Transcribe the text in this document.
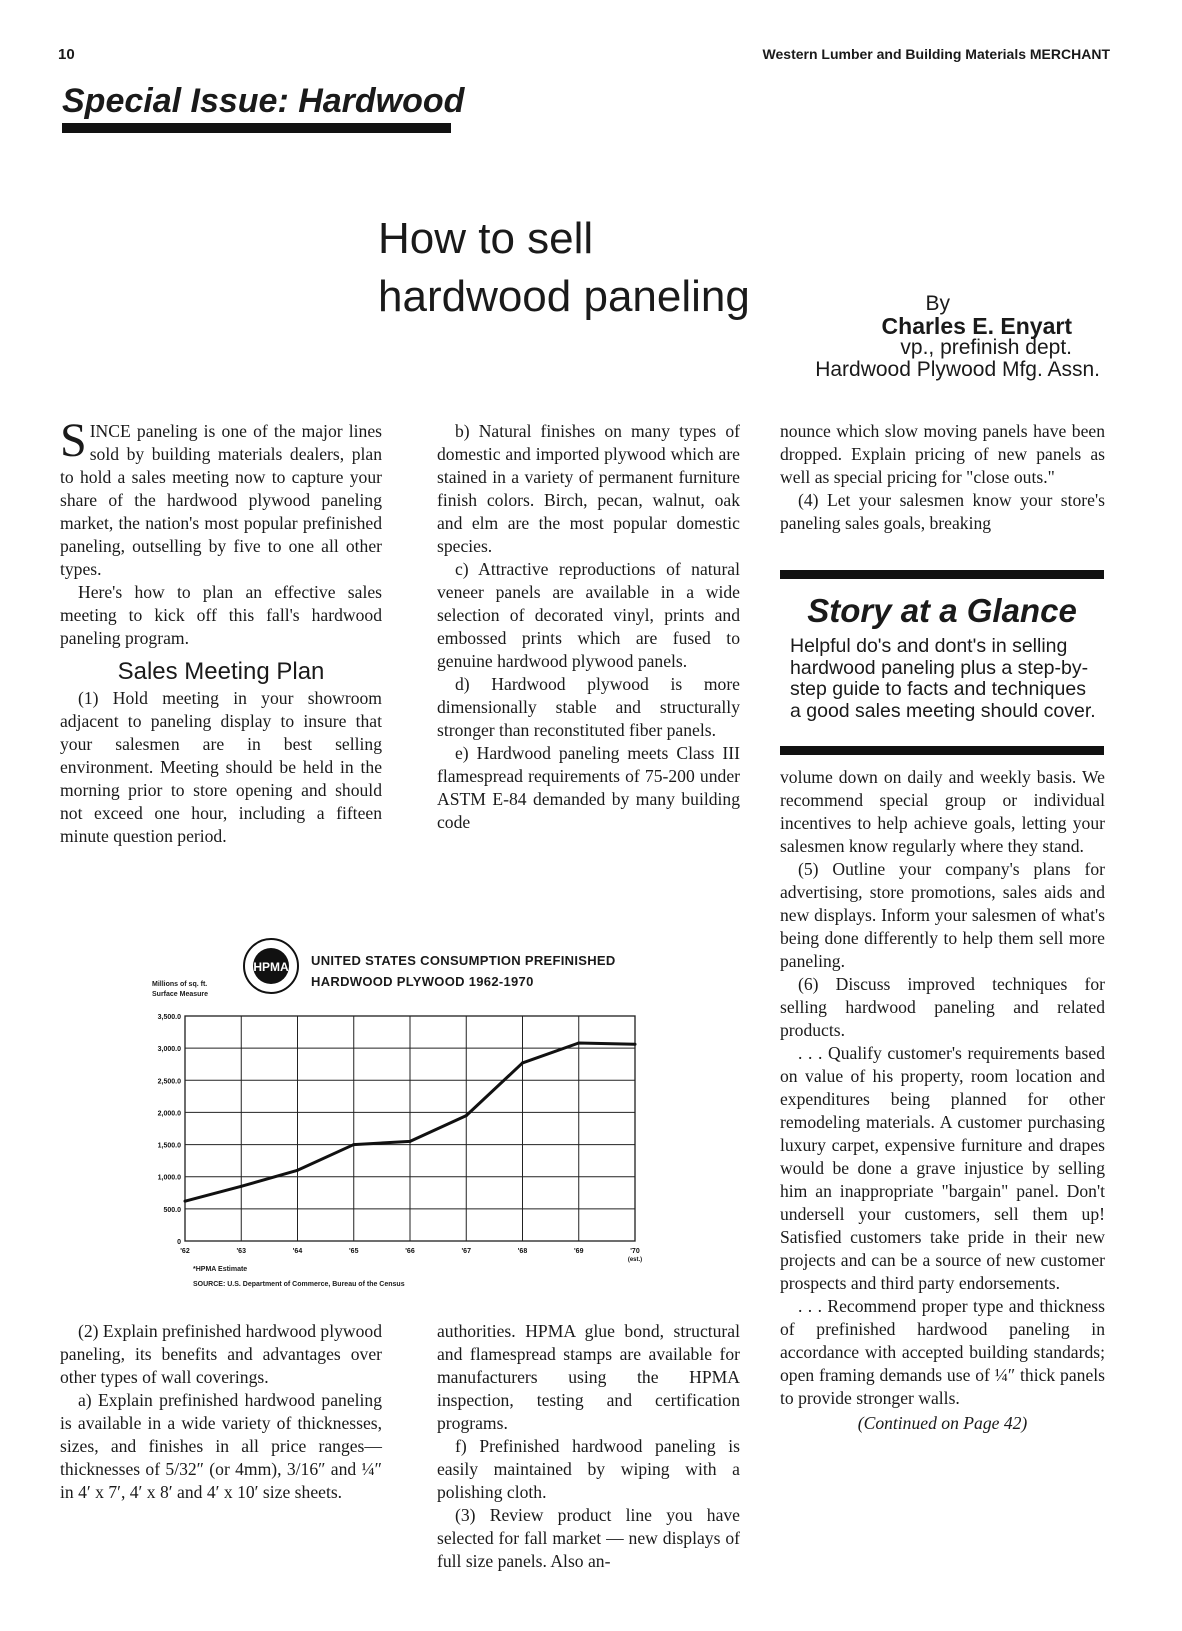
10	Western Lumber and Building Materials MERCHANT
Special Issue: Hardwood
How to sell
hardwood paneling	By
Charles E. Enyart
vp., prefinish dept.
Hardwood Plywood Mfg. Assn.

SINCE paneling is one of the major lines sold by building materials dealers, plan to hold a sales meeting now to capture your share of the hardwood plywood paneling market, the nation's most popular prefinished paneling, outselling by five to one all other types.

Here's how to plan an effective sales meeting to kick off this fall's hardwood paneling program.

Sales Meeting Plan

(1) Hold meeting in your showroom adjacent to paneling display to insure that your salesmen are in best selling environment. Meeting should be held in the morning prior to store opening and should not exceed one hour, including a fifteen minute question period.

b) Natural finishes on many types of domestic and imported plywood which are stained in a variety of permanent furniture finish colors. Birch, pecan, walnut, oak and elm are the most popular domestic species.

c) Attractive reproductions of natural veneer panels are available in a wide selection of decorated vinyl, prints and embossed prints which are fused to genuine hardwood plywood panels.

d) Hardwood plywood is more dimensionally stable and structurally stronger than reconstituted fiber panels.

e) Hardwood paneling meets Class III flamespread requirements of 75-200 under ASTM E-84 demanded by many building code

nounce which slow moving panels have been dropped. Explain pricing of new panels as well as special pricing for "close outs."

(4) Let your salesmen know your store's paneling sales goals, breaking

Story at a Glance
Helpful do's and dont's in selling hardwood paneling plus a step-by-step guide to facts and techniques a good sales meeting should cover.

volume down on daily and weekly basis. We recommend special group or individual incentives to help achieve goals, letting your salesmen know regularly where they stand.

(5) Outline your company's plans for advertising, store promotions, sales aids and new displays. Inform your salesmen of what's being done differently to help them sell more paneling.

(6) Discuss improved techniques for selling hardwood paneling and related products.

. . . Qualify customer's requirements based on value of his property, room location and expenditures being planned for other remodeling materials. A customer purchasing luxury carpet, expensive furniture and drapes would be done a grave injustice by selling him an inappropriate "bargain" panel. Don't undersell your customers, sell them up! Satisfied customers take pride in their new projects and can be a source of new customer prospects and third party endorsements.

. . . Recommend proper type and thickness of prefinished hardwood paneling in accordance with accepted building standards; open framing demands use of ¼″ thick panels to provide stronger walls.

(Continued on Page 42)
HPMA UNITED STATES CONSUMPTION PREFINISHED HARDWOOD PLYWOOD 1962-1970
Millions of sq. ft. Surface Measure
3,500.0
3,000.0
2,500.0
2,000.0
1,500.0
1,000.0
500.0
0
'62	'63	'64	'65	'66	'67	'68	'69	'70
(est.)
*HPMA Estimate
SOURCE: U.S. Department of Commerce, Bureau of the Census

(2) Explain prefinished hardwood plywood paneling, its benefits and advantages over other types of wall coverings.

a) Explain prefinished hardwood paneling is available in a wide variety of thicknesses, sizes, and finishes in all price ranges—thicknesses of 5/32″ (or 4mm), 3/16″ and ¼″ in 4′ x 7′, 4′ x 8′ and 4′ x 10′ size sheets.

authorities. HPMA glue bond, structural and flamespread stamps are available for manufacturers using the HPMA inspection, testing and certification programs.

f) Prefinished hardwood paneling is easily maintained by wiping with a polishing cloth.

(3) Review product line you have selected for fall market — new displays of full size panels. Also an-
